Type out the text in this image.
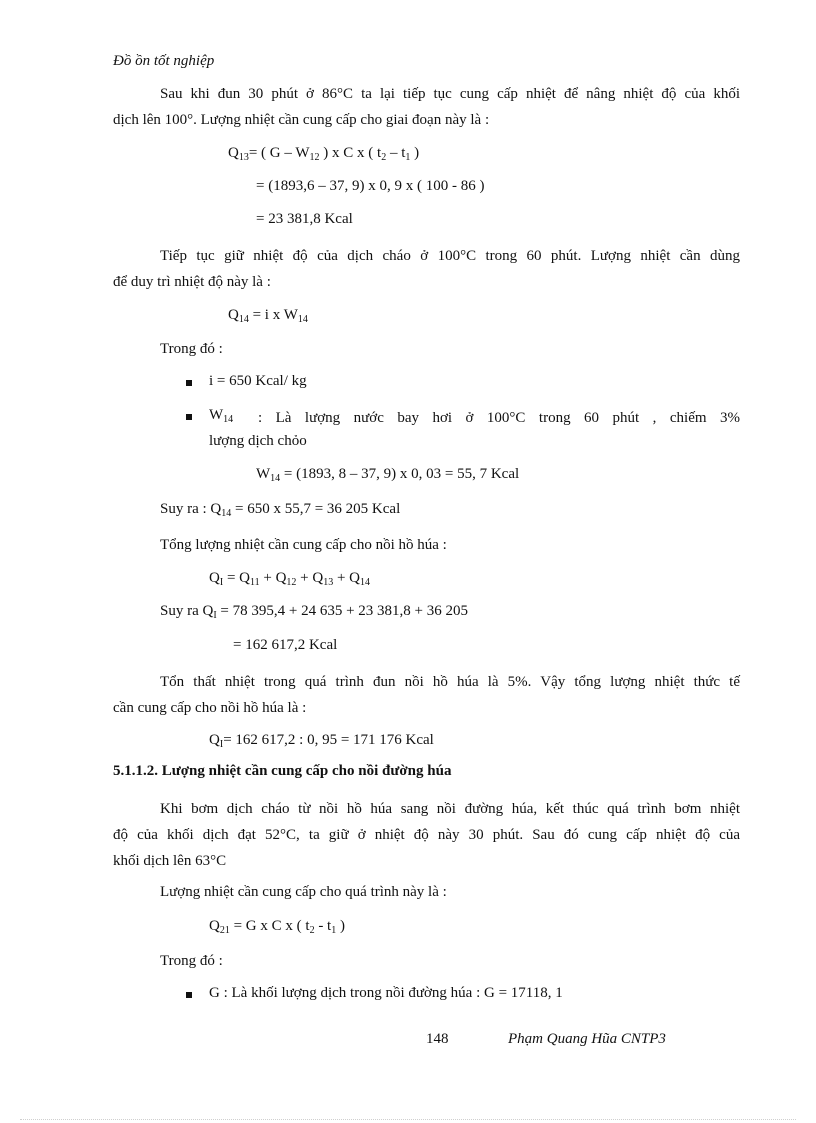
Đồ ồn tốt nghiệp
Sau khi đun 30 phút ở 86°C ta lại tiếp tục cung cấp nhiệt để nâng nhiệt độ của khối
dịch lên 100°. Lượng nhiệt cần cung cấp cho giai đoạn này là :
$Q_{13}=$ ( G – $W_{12}$ ) x C x ( $t_2 - t_1$ )
= (1893,6 – 37, 9) x 0, 9 x ( 100 - 86 )
= 23 381,8 Kcal
Tiếp tục giữ nhiệt độ của dịch cháo ở 100°C trong 60 phút. Lượng nhiệt cần dùng
để duy trì nhiệt độ này là :
$Q_{14} = i$ x $W_{14}$
Trong đó :
i = 650 Kcal/ kg
$W_{14}$ : Là lượng nước bay hơi ở 100°C trong 60 phút , chiếm 3%
lượng dịch chỏo
$W_{14} = (1893$, 8 – 37, 9) x 0, 03 = 55, 7 Kcal
Suy ra : $Q_{14} = 650$ x 55,7 = 36 205 Kcal
Tổng lượng nhiệt cần cung cấp cho nồi hồ húa :
$Q_I = Q_{11} + Q_{12} + Q_{13} + Q_{14}$
Suy ra $Q_I = 78$ 395,4 + 24 635 + 23 381,8 + 36 205
= 162 617,2 Kcal
Tổn thất nhiệt trong quá trình đun nồi hồ húa là 5%. Vậy tổng lượng nhiệt thức tế
cần cung cấp cho nồi hồ húa là :
$Q_I= 162$ 617,2 : 0, 95 = 171 176 Kcal
5.1.1.2. Lượng nhiệt cần cung cấp cho nồi đường húa
Khi bơm dịch cháo từ nồi hồ húa sang nồi đường húa, kết thúc quá trình bơm nhiệt
độ của khối dịch đạt 52°C, ta giữ ở nhiệt độ này 30 phút. Sau đó cung cấp nhiệt độ của
khối dịch lên 63°C
Lượng nhiệt cần cung cấp cho quá trình này là :
$Q_{21} = G$ x C x ( $t_2 - t_1$ )
Trong đó :
G : Là khối lượng dịch trong nồi đường húa : G = 17118, 1
148	Phạm Quang Hũa CNTP3
